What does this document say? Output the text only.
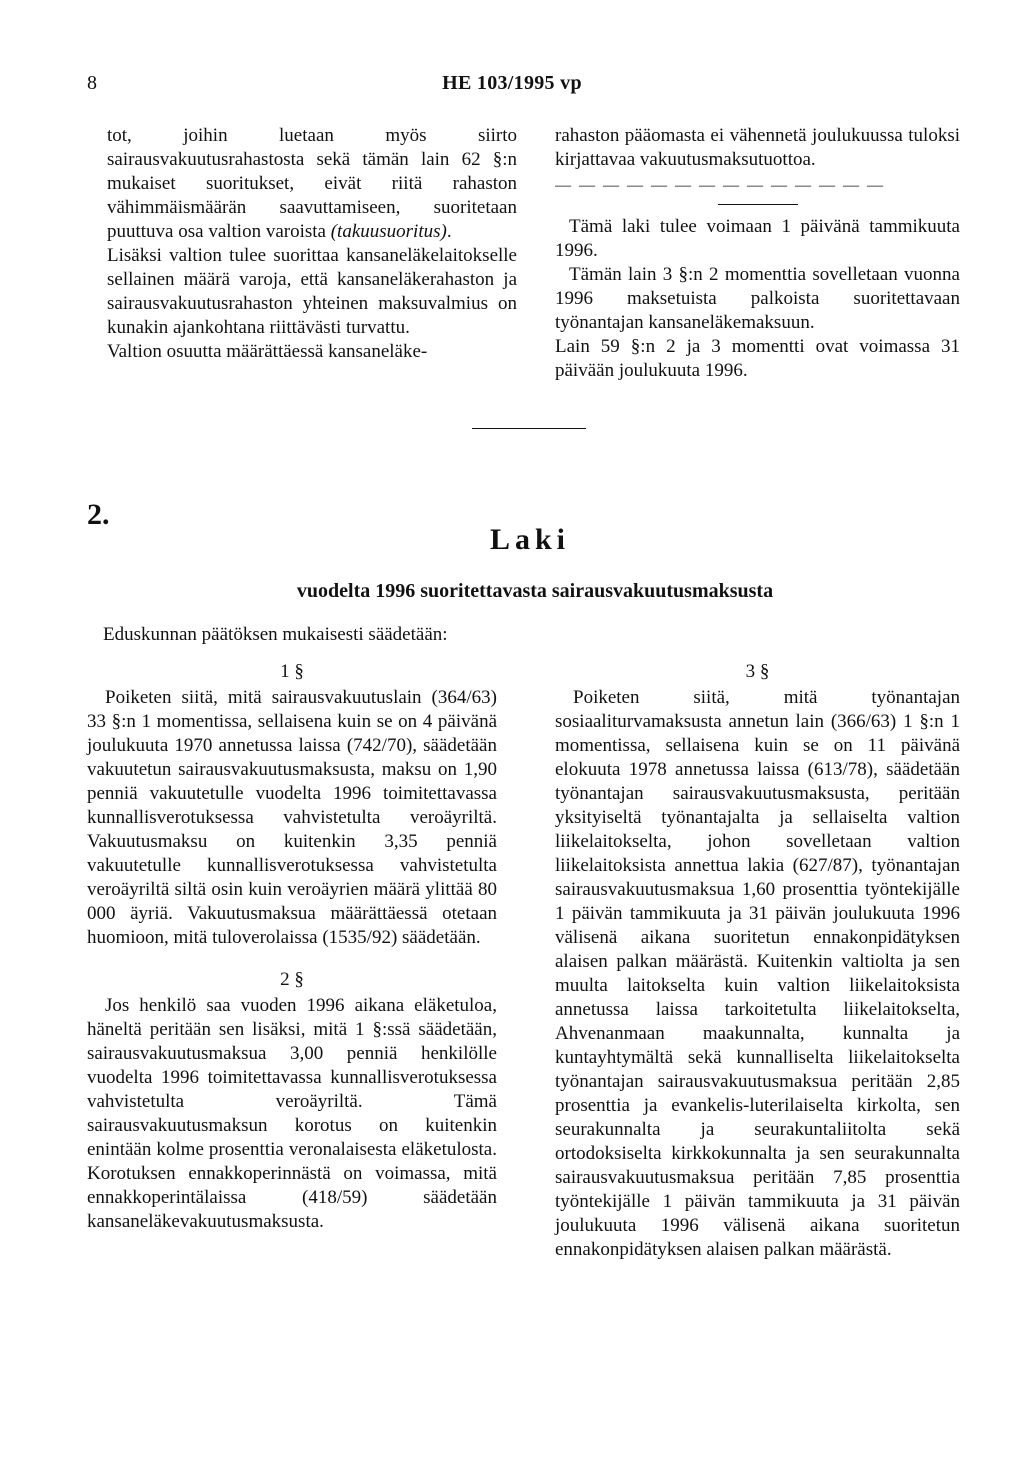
8	HE 103/1995 vp

tot, joihin luetaan myös siirto sairausvakuutusrahastosta sekä tämän lain 62 §:n mukaiset suoritukset, eivät riitä rahaston vähimmäismäärän saavuttamiseen, suoritetaan puuttuva osa valtion varoista (takuusuoritus).

Lisäksi valtion tulee suorittaa kansaneläkelaitokselle sellainen määrä varoja, että kansaneläkerahaston ja sairausvakuutusrahaston yhteinen maksuvalmius on kunakin ajankohtana riittävästi turvattu.

Valtion osuutta määrättäessä kansaneläke-

rahaston pääomasta ei vähennetä joulukuussa tuloksi kirjattavaa vakuutusmaksutuottoa.

— — — — — — — — — — — — — —

Tämä laki tulee voimaan 1 päivänä tammikuuta 1996.

Tämän lain 3 §:n 2 momenttia sovelletaan vuonna 1996 maksetuista palkoista suoritettavaan työnantajan kansaneläkemaksuun.

Lain 59 §:n 2 ja 3 momentti ovat voimassa 31 päivään joulukuuta 1996.

2.
Laki
vuodelta 1996 suoritettavasta sairausvakuutusmaksusta
Eduskunnan päätöksen mukaisesti säädetään:

1 §

Poiketen siitä, mitä sairausvakuutuslain (364/63) 33 §:n 1 momentissa, sellaisena kuin se on 4 päivänä joulukuuta 1970 annetussa laissa (742/70), säädetään vakuutetun sairausvakuutusmaksusta, maksu on 1,90 penniä vakuutetulle vuodelta 1996 toimitettavassa kunnallisverotuksessa vahvistetulta veroäyriltä. Vakuutusmaksu on kuitenkin 3,35 penniä vakuutetulle kunnallisverotuksessa vahvistetulta veroäyriltä siltä osin kuin veroäyrien määrä ylittää 80 000 äyriä. Vakuutusmaksua määrättäessä otetaan huomioon, mitä tuloverolaissa (1535/92) säädetään.

2 §

Jos henkilö saa vuoden 1996 aikana eläketuloa, häneltä peritään sen lisäksi, mitä 1 §:ssä säädetään, sairausvakuutusmaksua 3,00 penniä henkilölle vuodelta 1996 toimitettavassa kunnallisverotuksessa vahvistetulta veroäyriltä. Tämä sairausvakuutusmaksun korotus on kuitenkin enintään kolme prosenttia veronalaisesta eläketulosta. Korotuksen ennakkoperinnästä on voimassa, mitä ennakkoperintälaissa (418/59) säädetään kansaneläkevakuutusmaksusta.

3 §

Poiketen siitä, mitä työnantajan sosiaaliturvamaksusta annetun lain (366/63) 1 §:n 1 momentissa, sellaisena kuin se on 11 päivänä elokuuta 1978 annetussa laissa (613/78), säädetään työnantajan sairausvakuutusmaksusta, peritään yksityiseltä työnantajalta ja sellaiselta valtion liikelaitokselta, johon sovelletaan valtion liikelaitoksista annettua lakia (627/87), työnantajan sairausvakuutusmaksua 1,60 prosenttia työntekijälle 1 päivän tammikuuta ja 31 päivän joulukuuta 1996 välisenä aikana suoritetun ennakonpidätyksen alaisen palkan määrästä. Kuitenkin valtiolta ja sen muulta laitokselta kuin valtion liikelaitoksista annetussa laissa tarkoitetulta liikelaitokselta, Ahvenanmaan maakunnalta, kunnalta ja kuntayhtymältä sekä kunnalliselta liikelaitokselta työnantajan sairausvakuutusmaksua peritään 2,85 prosenttia ja evankelis-luterilaiselta kirkolta, sen seurakunnalta ja seurakuntaliitolta sekä ortodoksiselta kirkkokunnalta ja sen seurakunnalta sairausvakuutusmaksua peritään 7,85 prosenttia työntekijälle 1 päivän tammikuuta ja 31 päivän joulukuuta 1996 välisenä aikana suoritetun ennakonpidätyksen alaisen palkan määrästä.
